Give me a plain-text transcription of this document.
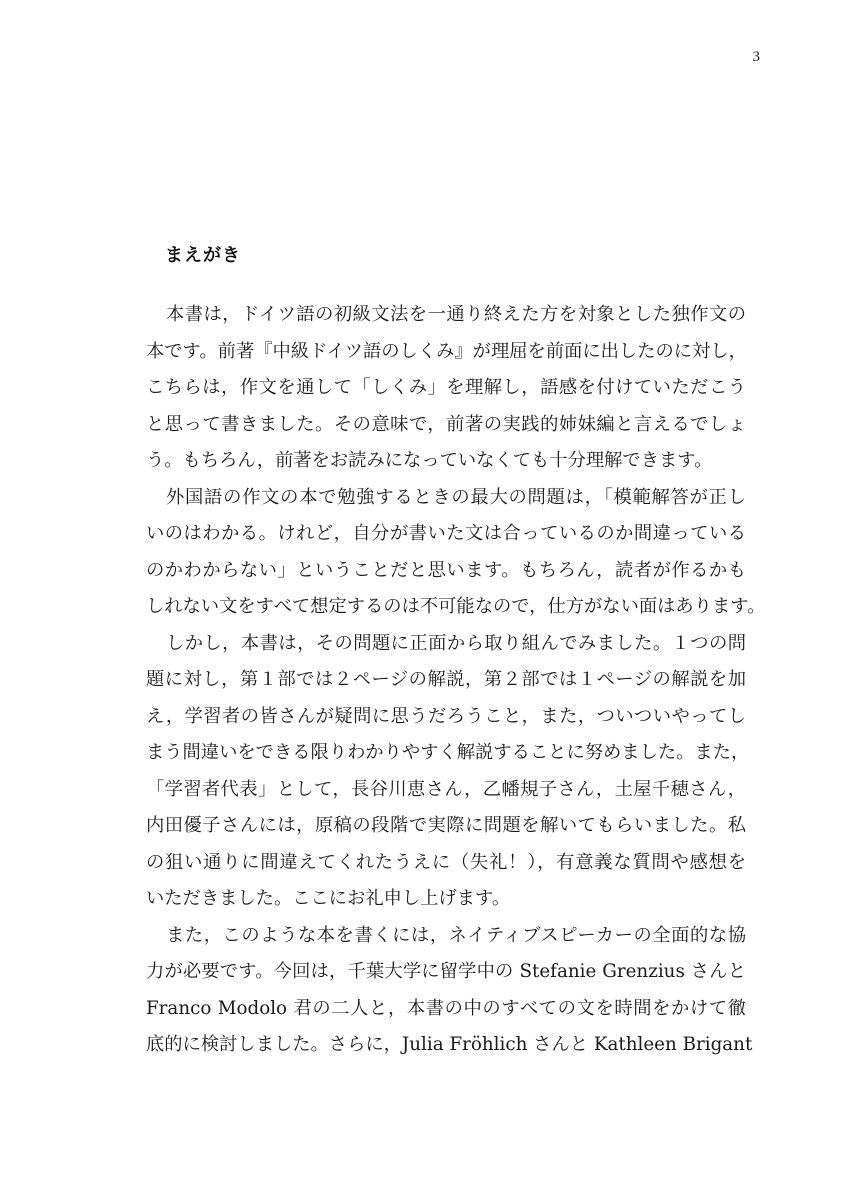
3
まえがき
本書は，ドイツ語の初級文法を一通り終えた方を対象とした独作文の
本です。前著『中級ドイツ語のしくみ』が理屈を前面に出したのに対し，
こちらは，作文を通して「しくみ」を理解し，語感を付けていただこう
と思って書きました。その意味で，前著の実践的姉妹編と言えるでしょ
う。もちろん，前著をお読みになっていなくても十分理解できます。
外国語の作文の本で勉強するときの最大の問題は，「模範解答が正し
いのはわかる。けれど，自分が書いた文は合っているのか間違っている
のかわからない」ということだと思います。もちろん，読者が作るかも
しれない文をすべて想定するのは不可能なので，仕方がない面はあります。
しかし，本書は，その問題に正面から取り組んでみました。１つの問
題に対し，第１部では２ページの解説，第２部では１ページの解説を加
え，学習者の皆さんが疑問に思うだろうこと，また，ついついやってし
まう間違いをできる限りわかりやすく解説することに努めました。また，
「学習者代表」として，長谷川恵さん，乙幡規子さん，土屋千穂さん，
内田優子さんには，原稿の段階で実際に問題を解いてもらいました。私
の狙い通りに間違えてくれたうえに（失礼！），有意義な質問や感想を
いただきました。ここにお礼申し上げます。
また，このような本を書くには，ネイティブスピーカーの全面的な協
力が必要です。今回は，千葉大学に留学中の Stefanie Grenzius さんと
Franco Modolo 君の二人と，本書の中のすべての文を時間をかけて徹
底的に検討しました。さらに，Julia Fröhlich さんと Kathleen Brigant
